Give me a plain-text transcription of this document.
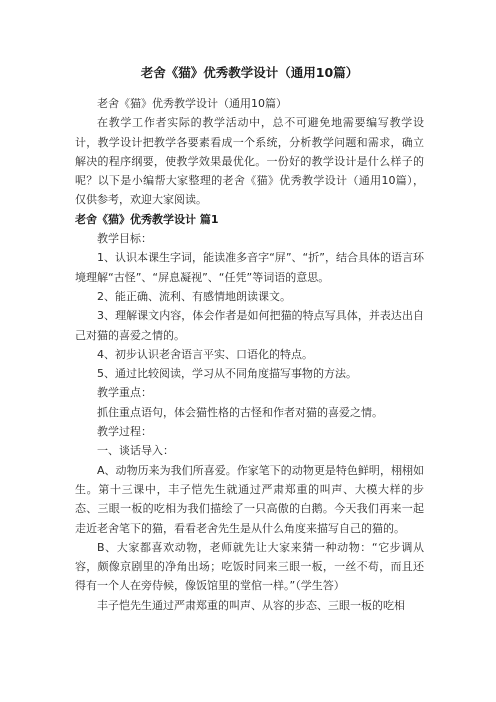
老舍《猫》优秀教学设计（通用10篇）

老舍《猫》优秀教学设计（通用10篇）

在教学工作者实际的教学活动中，总不可避免地需要编写教学设计，教学设计把教学各要素看成一个系统，分析教学问题和需求，确立解决的程序纲要，使教学效果最优化。一份好的教学设计是什么样子的呢？以下是小编帮大家整理的老舍《猫》优秀教学设计（通用10篇），仅供参考，欢迎大家阅读。

老舍《猫》优秀教学设计 篇1

教学目标：

1、认识本课生字词，能读准多音字“屏”、“折”，结合具体的语言环境理解“古怪”、“屏息凝视”、“任凭”等词语的意思。

2、能正确、流利、有感情地朗读课文。

3、理解课文内容，体会作者是如何把猫的特点写具体，并表达出自己对猫的喜爱之情的。

4、初步认识老舍语言平实、口语化的特点。

5、通过比较阅读，学习从不同角度描写事物的方法。

教学重点：

抓住重点语句，体会猫性格的古怪和作者对猫的喜爱之情。

教学过程：

一、谈话导入：

A、动物历来为我们所喜爱。作家笔下的动物更是特色鲜明，栩栩如生。第十三课中，丰子恺先生就通过严肃郑重的叫声、大模大样的步态、三眼一板的吃相为我们描绘了一只高傲的白鹅。今天我们再来一起走近老舍笔下的猫，看看老舍先生是从什么角度来描写自己的猫的。

B、大家都喜欢动物，老师就先让大家来猜一种动物：“它步调从容，颇像京剧里的净角出场；吃饭时同来三眼一板，一丝不苟，而且还得有一个人在旁侍候，像饭馆里的堂倌一样。”（学生答）

丰子恺先生通过严肃郑重的叫声、从容的步态、三眼一板的吃相
